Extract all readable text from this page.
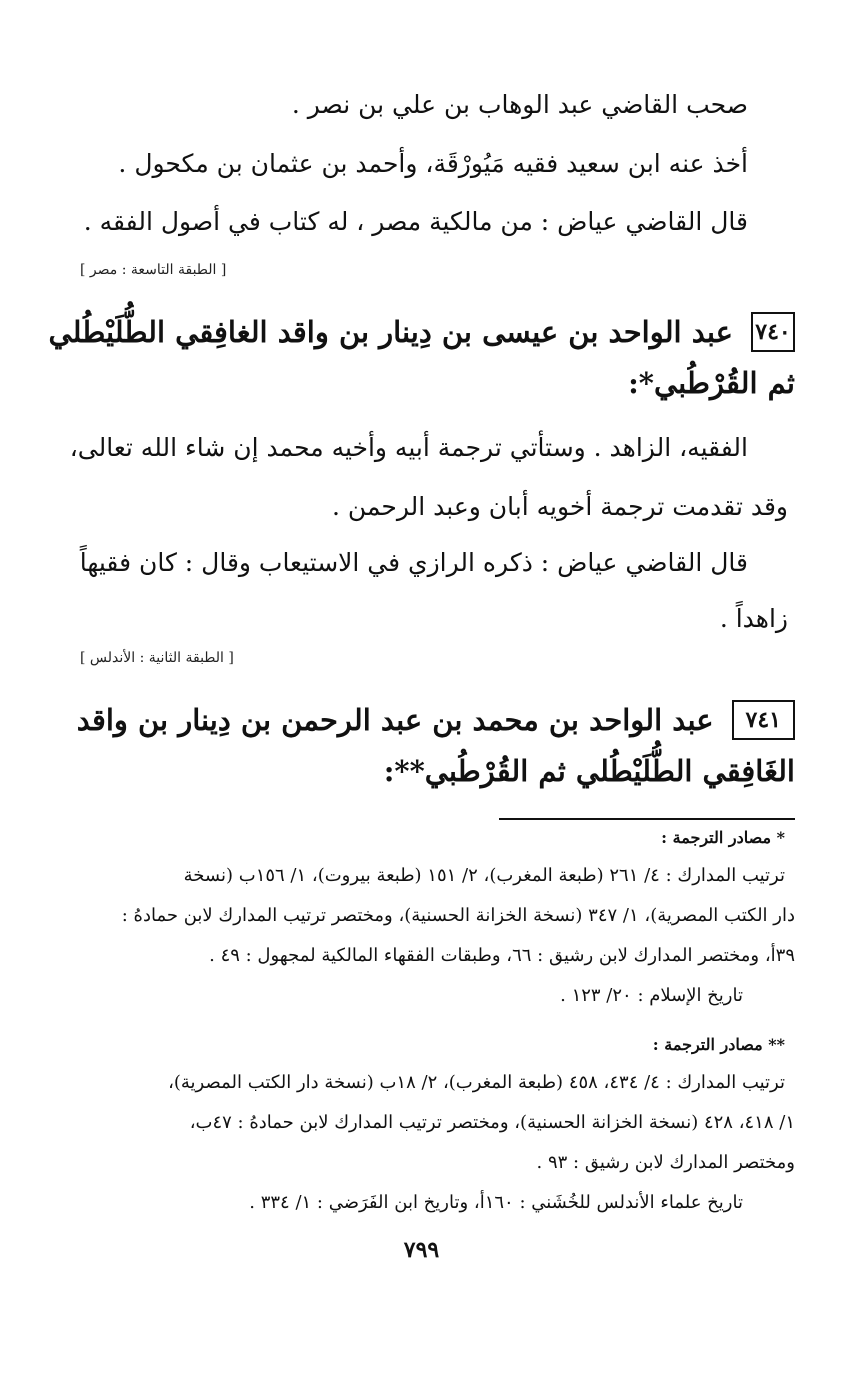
صحب القاضي عبد الوهاب بن علي بن نصر .
أخذ عنه ابن سعيد فقيه مَيُورْقَة، وأحمد بن عثمان بن مكحول .
قال القاضي عياض : من مالكية مصر ، له كتاب في أصول الفقه .
[ الطبقة التاسعة : مصر ]
٧٤٠
عبد الواحد بن عيسى بن دِينار بن واقد الغافِقي الطُّلَيْطُلي
ثم القُرْطُبي*:
الفقيه، الزاهد . وستأتي ترجمة أبيه وأخيه محمد إن شاء الله تعالى،
وقد تقدمت ترجمة أخويه أبان وعبد الرحمن .
قال القاضي عياض : ذكره الرازي في الاستيعاب وقال : كان فقيهاً
زاهداً .
[ الطبقة الثانية : الأندلس ]
٧٤١
عبد الواحد بن محمد بن عبد الرحمن بن دِينار بن واقد
الغَافِقي الطُّلَيْطُلي ثم القُرْطُبي**:
* مصادر الترجمة :
ترتيب المدارك : ٤/ ٢٦١ (طبعة المغرب)، ٢/ ١٥١ (طبعة بيروت)، ١/ ١٥٦ب (نسخة
دار الكتب المصرية)، ١/ ٣٤٧ (نسخة الخزانة الحسنية)، ومختصر ترتيب المدارك لابن حمادهُ :
٣٩أ، ومختصر المدارك لابن رشيق : ٦٦، وطبقات الفقهاء المالكية لمجهول : ٤٩ .
تاريخ الإسلام : ٢٠/ ١٢٣ .
** مصادر الترجمة :
ترتيب المدارك : ٤/ ٤٣٤، ٤٥٨ (طبعة المغرب)، ٢/ ١٨ب (نسخة دار الكتب المصرية)،
١/ ٤١٨، ٤٢٨ (نسخة الخزانة الحسنية)، ومختصر ترتيب المدارك لابن حمادهُ : ٤٧ب،
ومختصر المدارك لابن رشيق : ٩٣ .
تاريخ علماء الأندلس للخُشَني : ١٦٠أ، وتاريخ ابن الفَرَضي : ١/ ٣٣٤ .
٧٩٩
